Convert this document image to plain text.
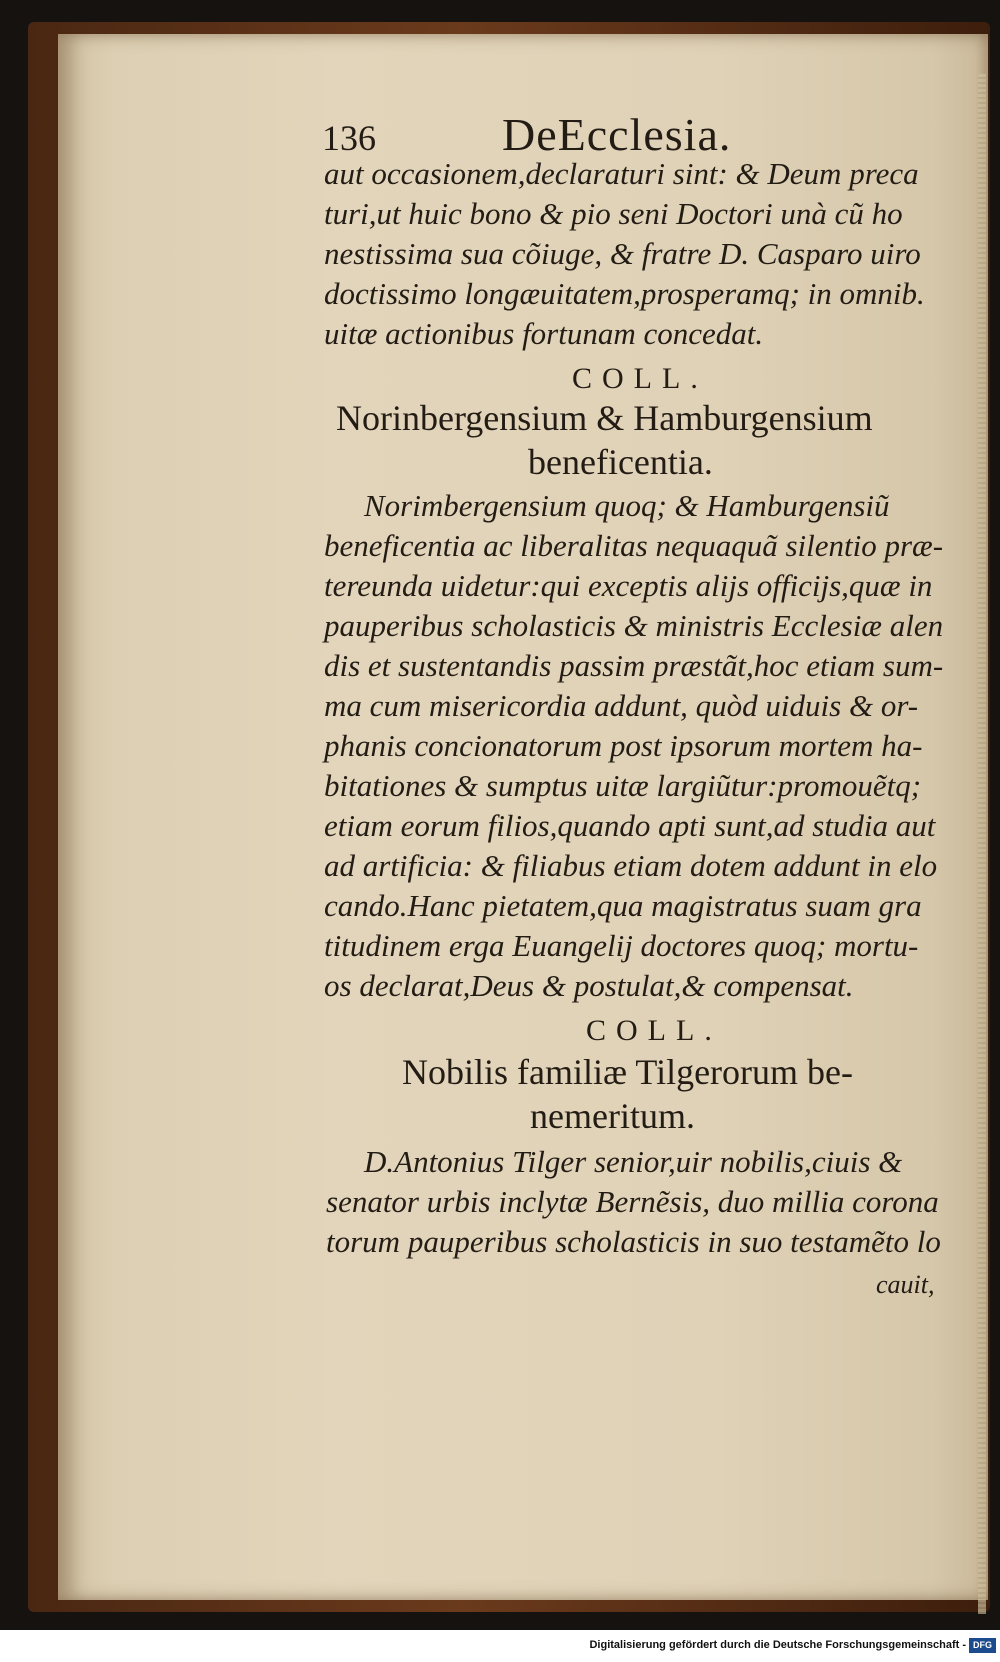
136	DeEcclesia.
aut occasionem,declaraturi sint: & Deum preca
turi,ut huic bono & pio seni Doctori unà cũ ho
nestissima sua cõiuge, & fratre D. Casparo uiro
doctissimo longæuitatem,prosperamq; in omnib.
uitæ actionibus fortunam concedat.
COLL.
Norinbergensium & Hamburgensium
beneficentia.
Norimbergensium quoq; & Hamburgensiũ
beneficentia ac liberalitas nequaquã silentio præ-
tereunda uidetur:qui exceptis alijs officijs,quæ in
pauperibus scholasticis & ministris Ecclesiæ alen
dis et sustentandis passim præstãt,hoc etiam sum-
ma cum misericordia addunt, quòd uiduis & or-
phanis concionatorum post ipsorum mortem ha-
bitationes & sumptus uitæ largiũtur:promouẽtq;
etiam eorum filios,quando apti sunt,ad studia aut
ad artificia: & filiabus etiam dotem addunt in elo
cando.Hanc pietatem,qua magistratus suam gra
titudinem erga Euangelij doctores quoq; mortu-
os declarat,Deus & postulat,& compensat.
COLL.
Nobilis familiæ Tilgerorum be-
nemeritum.
D.Antonius Tilger senior,uir nobilis,ciuis &
senator urbis inclytæ Bernẽsis, duo millia corona
torum pauperibus scholasticis in suo testamẽto lo
cauit,
Digitalisierung gefördert durch die Deutsche Forschungsgemeinschaft - DFG
